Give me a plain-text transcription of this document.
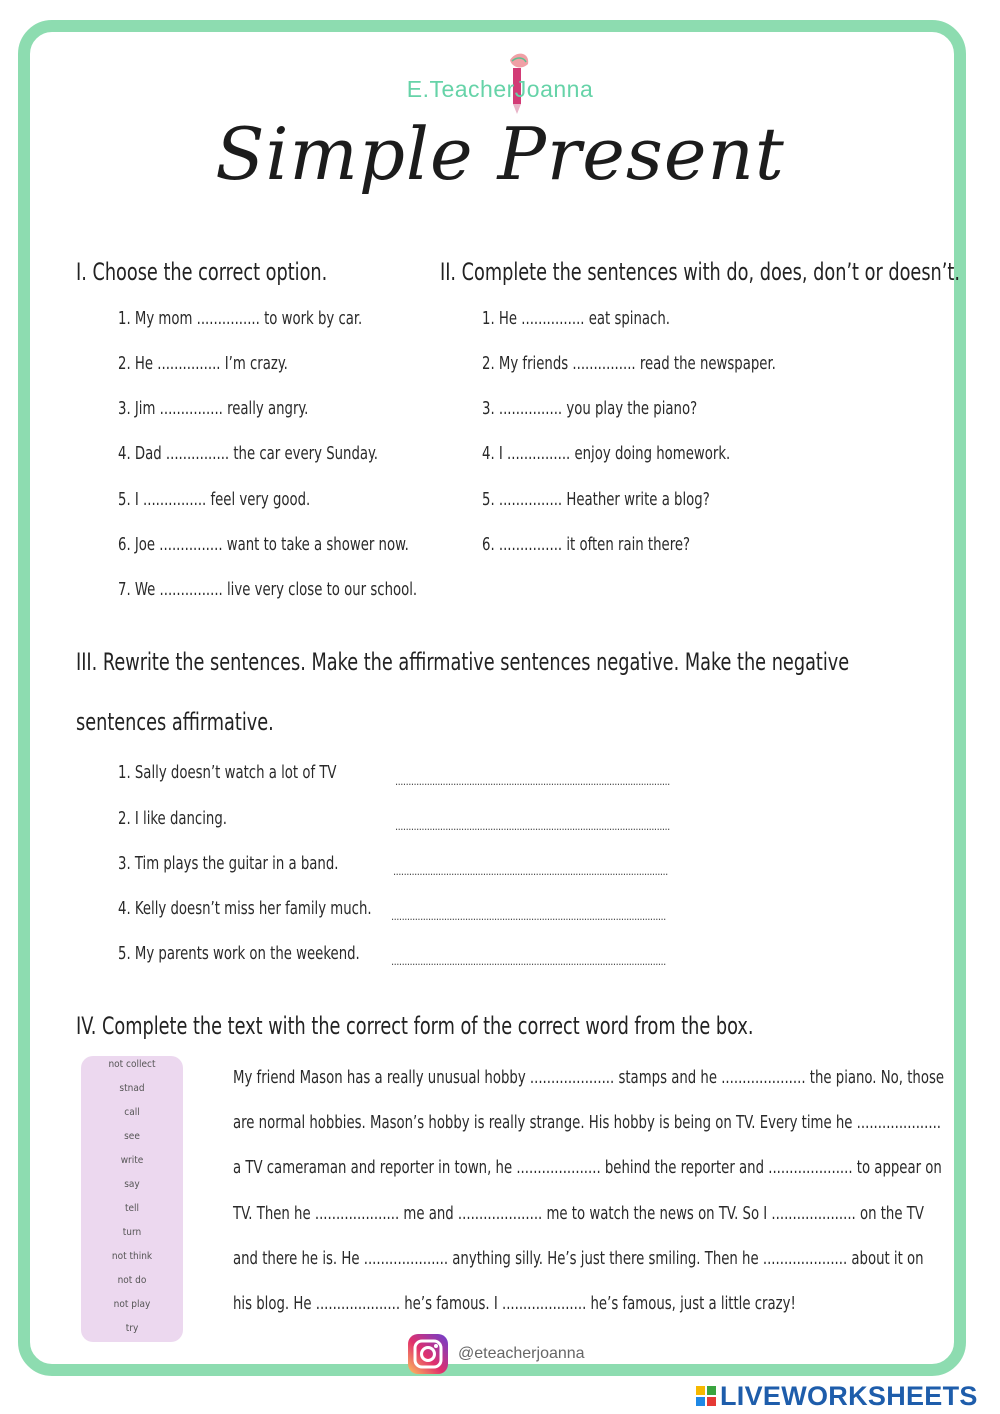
E.TeacherJoanna
Simple Present
I. Choose the correct option.
1. My mom ............... to work by car.
2. He ............... I’m crazy.
3. Jim ............... really angry.
4. Dad ............... the car every Sunday.
5. I ............... feel very good.
6. Joe ............... want to take a shower now.
7. We ............... live very close to our school.
II. Complete the sentences with do, does, don’t or doesn’t.
1. He ............... eat spinach.
2. My friends ............... read the newspaper.
3. ............... you play the piano?
4. I ............... enjoy doing homework.
5. ............... Heather write a blog?
6. ............... it often rain there?
III. Rewrite the sentences. Make the affirmative sentences negative. Make the negative
sentences affirmative.
1. Sally doesn’t watch a lot of TV	........................................................................................................
2. I like dancing.	........................................................................................................
3. Tim plays the guitar in a band.	........................................................................................................
4. Kelly doesn’t miss her family much. ........................................................................................................
5. My parents work on the weekend.	........................................................................................................
IV. Complete the text with the correct form of the correct word from the box.
not collect
stnad
call
see
write
say
tell
turn
not think
not do
not play
try
My friend Mason has a really unusual hobby .................... stamps and he .................... the piano. No, those
are normal hobbies. Mason’s hobby is really strange. His hobby is being on TV. Every time he ....................
a TV cameraman and reporter in town, he .................... behind the reporter and .................... to appear on
TV. Then he .................... me and .................... me to watch the news on TV. So I .................... on the TV
and there he is. He .................... anything silly. He’s just there smiling. Then he .................... about it on
his blog. He .................... he’s famous. I .................... he’s famous, just a little crazy!
@eteacherjoanna
LIVEWORKSHEETS
